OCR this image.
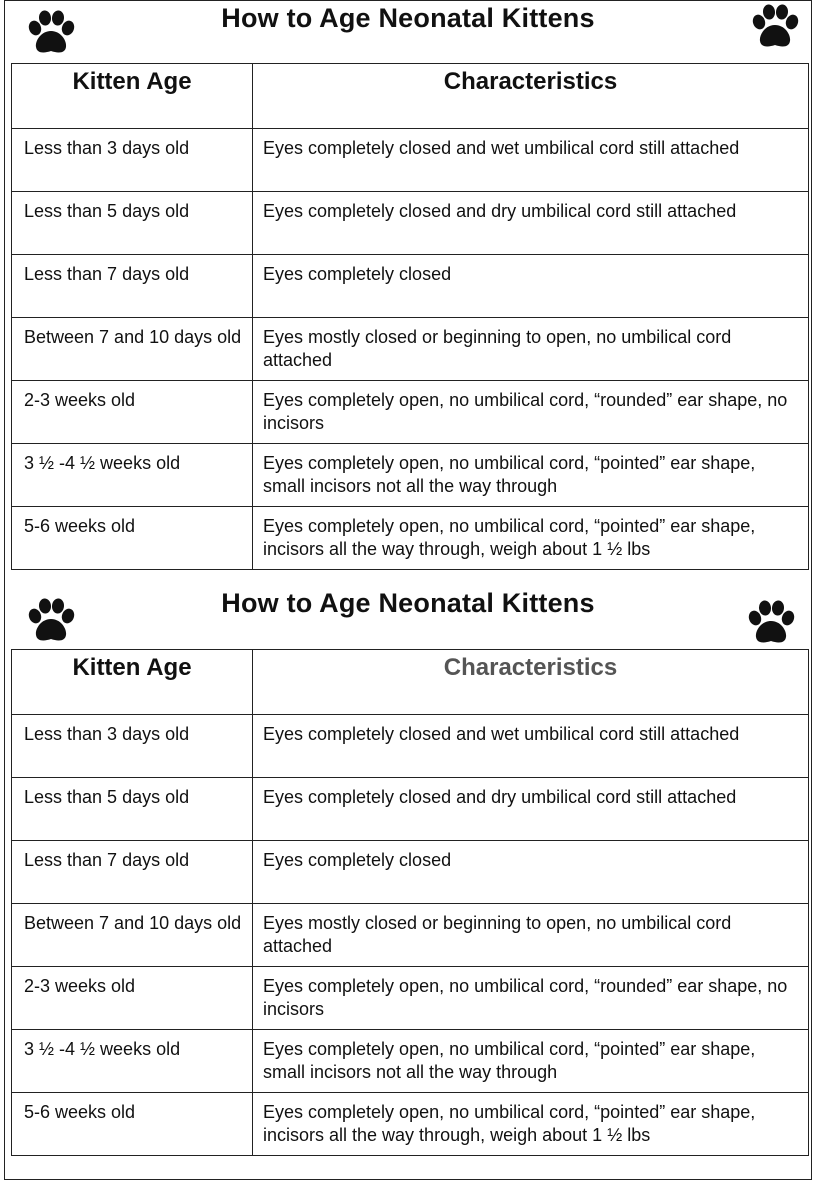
How to Age Neonatal Kittens
Kitten Age	Characteristics
Less than 3 days old	Eyes completely closed and wet umbilical cord still attached
Less than 5 days old	Eyes completely closed and dry umbilical cord still attached
Less than 7 days old	Eyes completely closed
Between 7 and 10 days old	Eyes mostly closed or beginning to open, no umbilical cord attached
2-3 weeks old	Eyes completely open, no umbilical cord, “rounded” ear shape, no incisors
3 ½ -4 ½ weeks old	Eyes completely open, no umbilical cord, “pointed” ear shape, small incisors not all the way through
5-6 weeks old	Eyes completely open, no umbilical cord, “pointed” ear shape, incisors all the way through, weigh about 1 ½ lbs
How to Age Neonatal Kittens
Kitten Age	Characteristics
Less than 3 days old	Eyes completely closed and wet umbilical cord still attached
Less than 5 days old	Eyes completely closed and dry umbilical cord still attached
Less than 7 days old	Eyes completely closed
Between 7 and 10 days old	Eyes mostly closed or beginning to open, no umbilical cord attached
2-3 weeks old	Eyes completely open, no umbilical cord, “rounded” ear shape, no incisors
3 ½ -4 ½ weeks old	Eyes completely open, no umbilical cord, “pointed” ear shape, small incisors not all the way through
5-6 weeks old	Eyes completely open, no umbilical cord, “pointed” ear shape, incisors all the way through, weigh about 1 ½ lbs
